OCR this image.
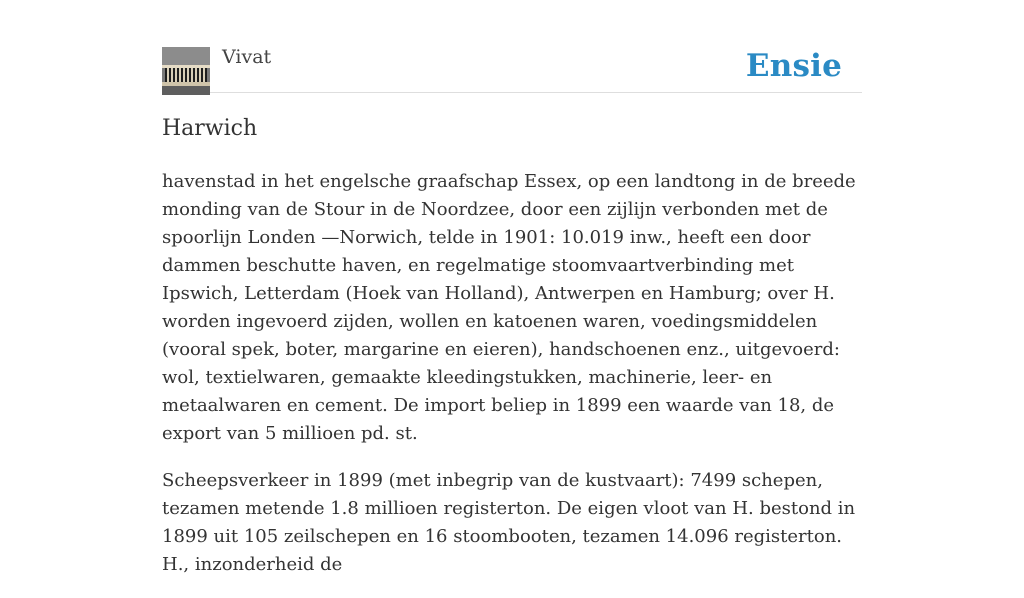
Vivat	Ensie
Harwich

havenstad in het engelsche graafschap Essex, op een landtong in de breede monding van de Stour in de Noordzee, door een zijlijn verbonden met de spoorlijn Londen —Norwich, telde in 1901: 10.019 inw., heeft een door dammen beschutte haven, en regelmatige stoomvaartverbinding met Ipswich, Letterdam (Hoek van Holland), Antwerpen en Hamburg; over H. worden ingevoerd zijden, wollen en katoenen waren, voedingsmiddelen (vooral spek, boter, margarine en eieren), handschoenen enz., uitgevoerd: wol, textielwaren, gemaakte kleedingstukken, machinerie, leer- en metaalwaren en cement. De import beliep in 1899 een waarde van 18, de export van 5 millioen pd. st.

Scheepsverkeer in 1899 (met inbegrip van de kustvaart): 7499 schepen, tezamen metende 1.8 millioen registerton. De eigen vloot van H. bestond in 1899 uit 105 zeilschepen en 16 stoombooten, tezamen 14.096 registerton. H., inzonderheid de
